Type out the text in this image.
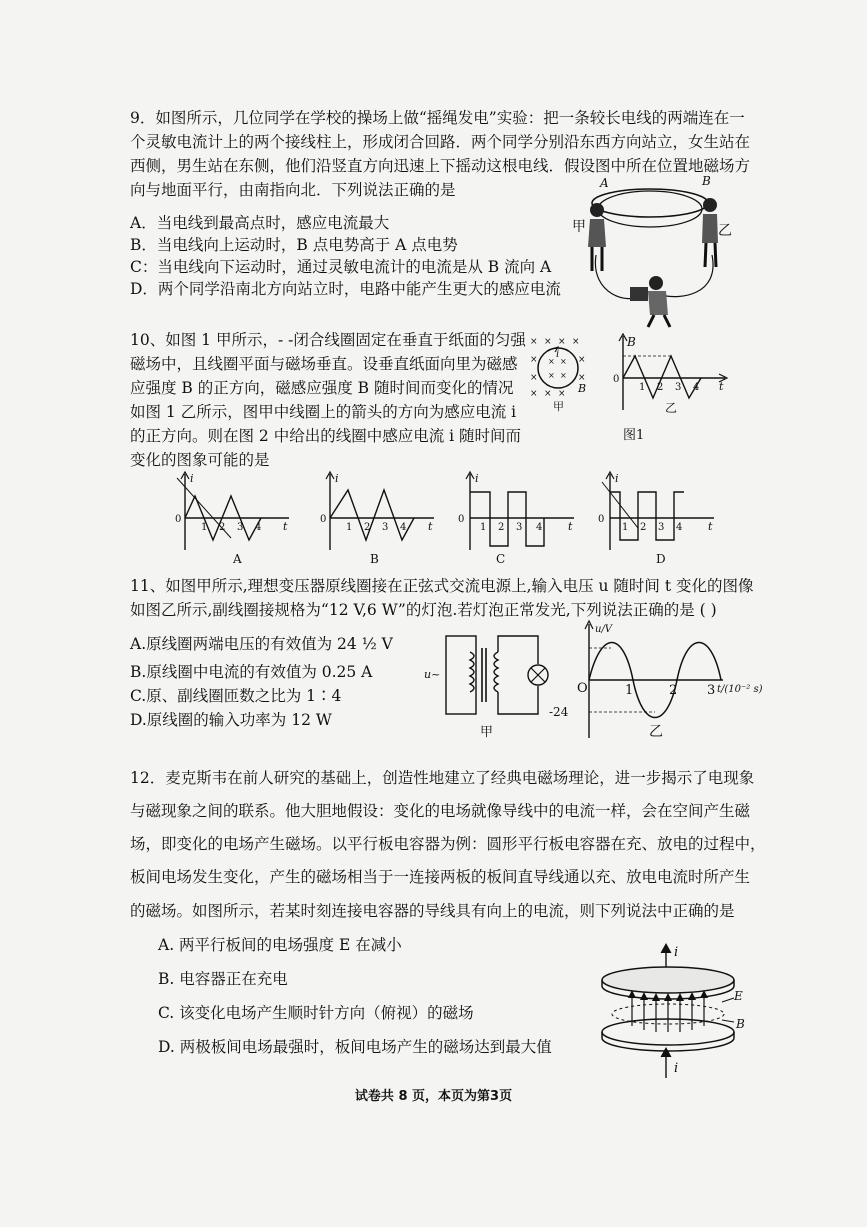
9．如图所示，几位同学在学校的操场上做“摇绳发电”实验：把一条较长电线的两端连在一
个灵敏电流计上的两个接线柱上，形成闭合回路．两个同学分别沿东西方向站立，女生站在
西侧，男生站在东侧，他们沿竖直方向迅速上下摇动这根电线．假设图中所在位置地磁场方
向与地面平行，由南指向北．下列说法正确的是
A．当电线到最高点时，感应电流最大
B．当电线向上运动时，B 点电势高于 A 点电势
C：当电线向下运动时，通过灵敏电流计的电流是从 B 流向 A
D．两个同学沿南北方向站立时，电路中能产生更大的感应电流
A	B
甲	乙
10、如图 1 甲所示，- -闭合线圈固定在垂直于纸面的匀强
磁场中，且线圈平面与磁场垂直。设垂直纸面向里为磁感
应强度 B 的正方向，磁感应强度 B 随时间而变化的情况
如图 1 乙所示，图甲中线圈上的箭头的方向为感应电流 i
的正方向。则在图 2 中给出的线圈中感应电流 i 随时间而
变化的图象可能的是
× × × ×
×	×
×	×
× × ×
× ×
× ×
i
B
甲
B
0
t
1 2 3 4
乙
图1
i
0
t
1 2 3 4
A
i
0
t
1 2 3 4
B
i
0
t
1 2 3 4
C
i
0
t
1 2 3 4
D
11、如图甲所示,理想变压器原线圈接在正弦式交流电源上,输入电压 u 随时间 t 变化的图像
如图乙所示,副线圈接规格为“12 V,6 W”的灯泡.若灯泡正常发光,下列说法正确的是 ( )
A.原线圈两端电压的有效值为 24 ½ V
B.原线圈中电流的有效值为 0.25 A
C.原、副线圈匝数之比为 1∶4
D.原线圈的输入功率为 12 W
u~
甲
u/V
O
-24
1	2 3 t/(10⁻² s)
乙
12．麦克斯韦在前人研究的基础上，创造性地建立了经典电磁场理论，进一步揭示了电现象
与磁现象之间的联系。他大胆地假设：变化的电场就像导线中的电流一样，会在空间产生磁
场，即变化的电场产生磁场。以平行板电容器为例：圆形平行板电容器在充、放电的过程中，
板间电场发生变化，产生的磁场相当于一连接两板的板间直导线通以充、放电电流时所产生
的磁场。如图所示，若某时刻连接电容器的导线具有向上的电流，则下列说法中正确的是
A. 两平行板间的电场强度 E 在减小
B. 电容器正在充电
C. 该变化电场产生顺时针方向（俯视）的磁场
D. 两极板间电场最强时，板间电场产生的磁场达到最大值
i
E
B
i
试卷共 8 页，本页为第3页
